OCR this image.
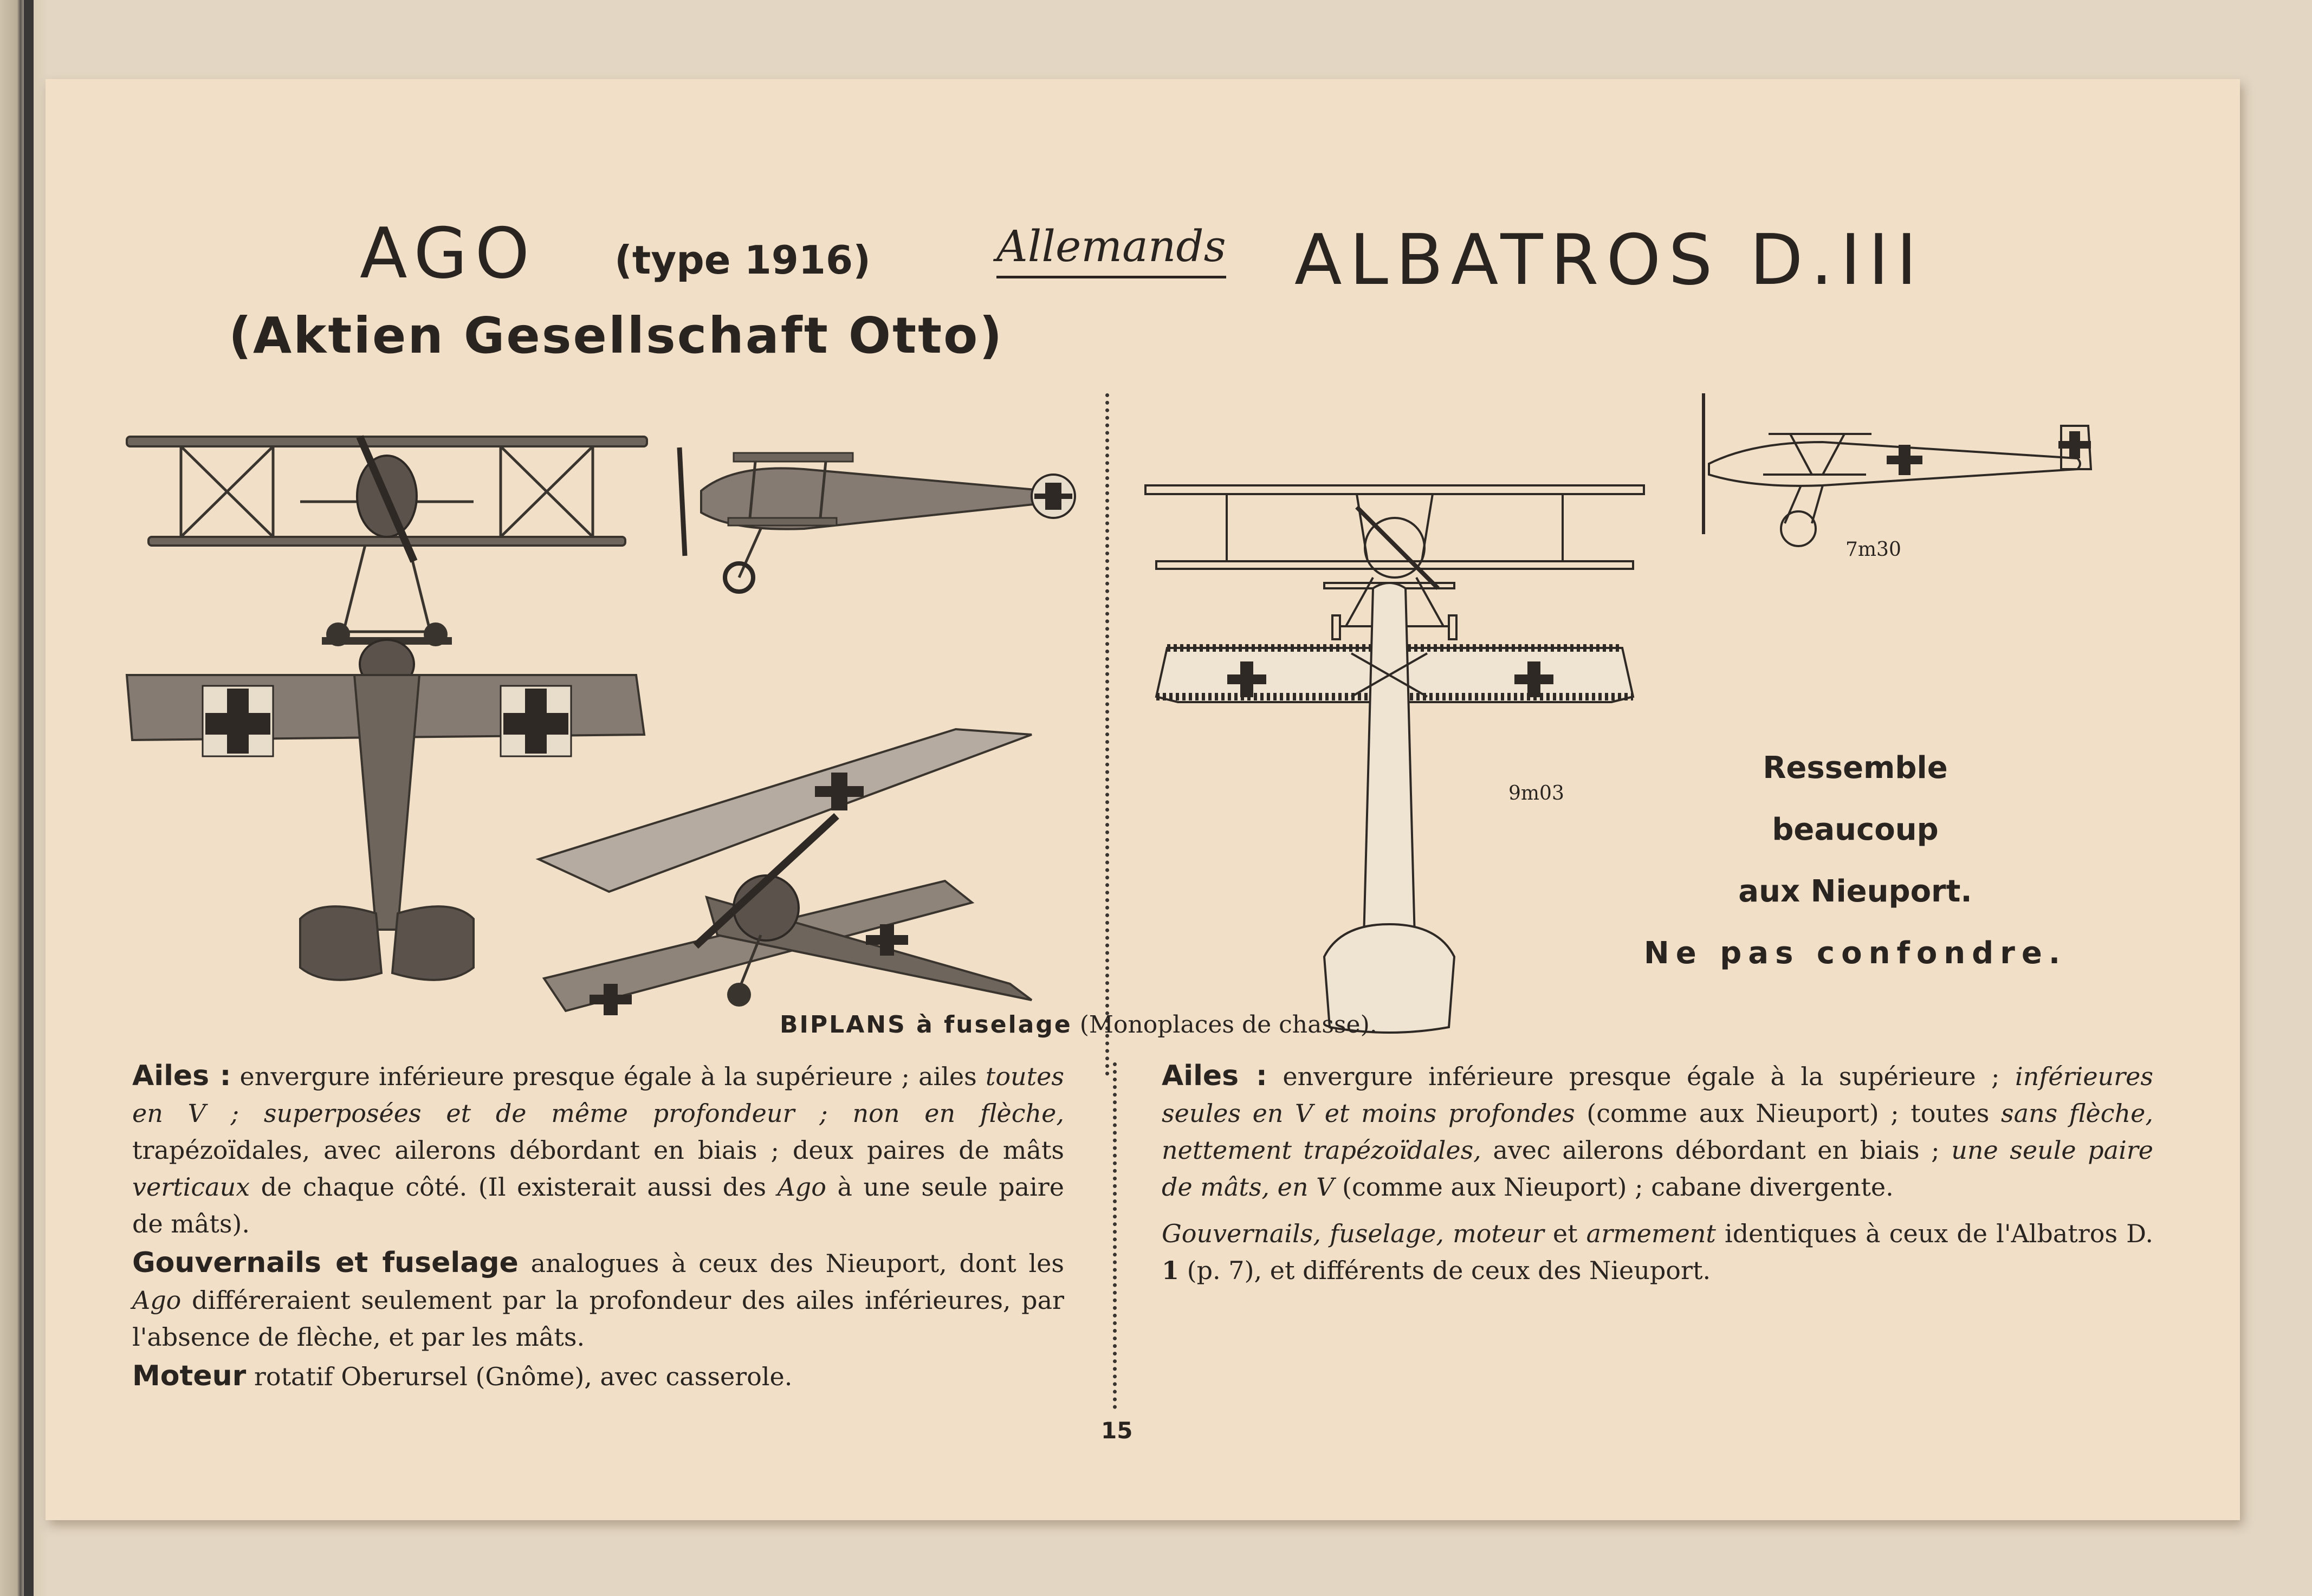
AGO (type 1916)
(Aktien Gesellschaft Otto)
Allemands ALBATROS D.III
7m30
9m03
Ressemble
beaucoup
aux Nieuport.
Ne pas confondre.
BIPLANS à fuselage (Monoplaces de chasse).
Ailes : envergure inférieure presque égale à la supérieure ; ailes toutes en V ; superposées et de même profondeur ; non en flèche, trapézoïdales, avec ailerons débordant en biais ; deux paires de mâts verticaux de chaque côté. (Il existerait aussi des Ago à une seule paire de mâts).
Gouvernails et fuselage analogues à ceux des Nieuport, dont les Ago différeraient seulement par la profondeur des ailes inférieures, par l'absence de flèche, et par les mâts.
Moteur rotatif Oberursel (Gnôme), avec casserole.
Ailes : envergure inférieure presque égale à la supérieure ; inférieures seules en V et moins profondes (comme aux Nieuport) ; toutes sans flèche, nettement trapézoïdales, avec ailerons débordant en biais ; une seule paire de mâts, en V (comme aux Nieuport) ; cabane divergente.
Gouvernails, fuselage, moteur et armement identiques à ceux de l'Albatros D. 1 (p. 7), et différents de ceux des Nieuport.
15
